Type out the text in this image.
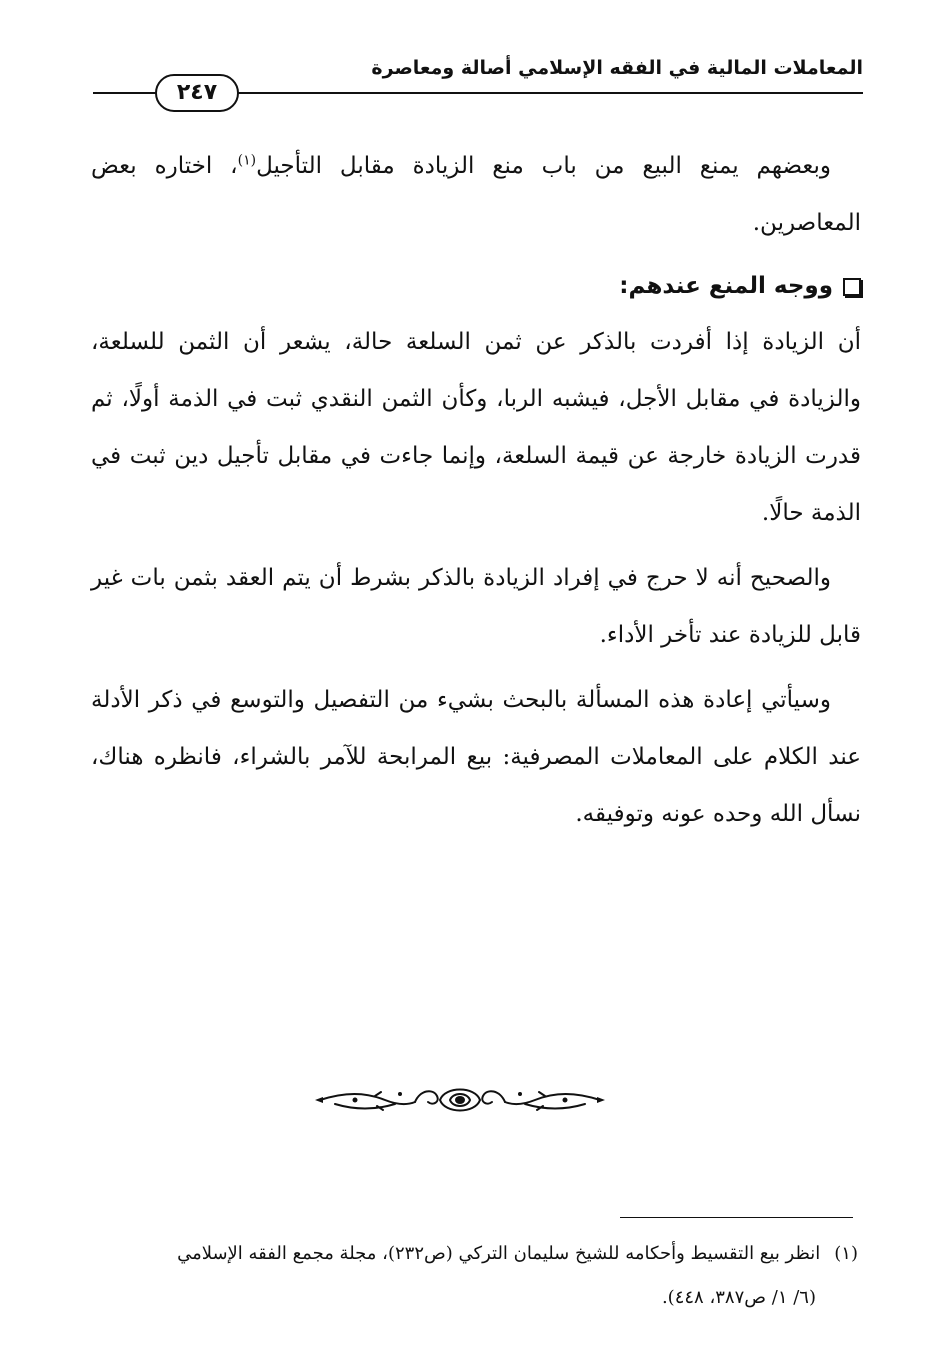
المعاملات المالية في الفقه الإسلامي أصالة ومعاصرة
٢٤٧

وبعضهم يمنع البيع من باب منع الزيادة مقابل التأجيل$^{(١)}$، اختاره بعض المعاصرين.

ووجه المنع عندهم:

أن الزيادة إذا أفردت بالذكر عن ثمن السلعة حالة، يشعر أن الثمن للسلعة، والزيادة في مقابل الأجل، فيشبه الربا، وكأن الثمن النقدي ثبت في الذمة أولًا، ثم قدرت الزيادة خارجة عن قيمة السلعة، وإنما جاءت في مقابل تأجيل دين ثبت في الذمة حالًا.

والصحيح أنه لا حرج في إفراد الزيادة بالذكر بشرط أن يتم العقد بثمن بات غير قابل للزيادة عند تأخر الأداء.

وسيأتي إعادة هذه المسألة بالبحث بشيء من التفصيل والتوسع في ذكر الأدلة عند الكلام على المعاملات المصرفية: بيع المرابحة للآمر بالشراء، فانظره هناك، نسأل الله وحده عونه وتوفيقه.

(١)انظر بيع التقسيط وأحكامه للشيخ سليمان التركي (ص٢٣٢)، مجلة مجمع الفقه الإسلامي
(٦/ ١/ ص٣٨٧، ٤٤٨).
